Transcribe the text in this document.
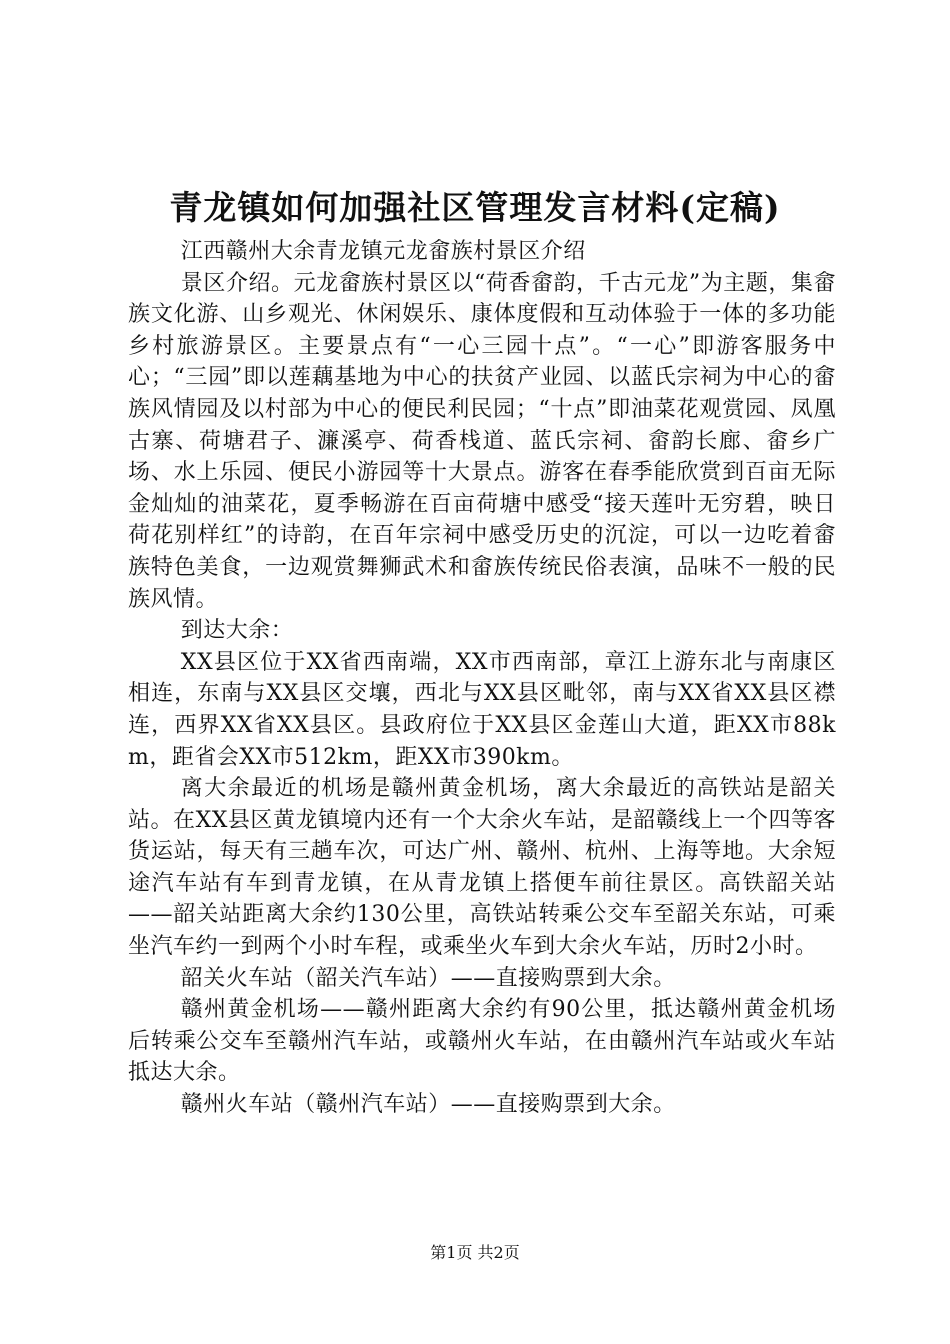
青龙镇如何加强社区管理发言材料(定稿)

江西赣州大余青龙镇元龙畲族村景区介绍

景区介绍。元龙畲族村景区以“荷香畲韵，千古元龙”为主题，集畲族文化游、山乡观光、休闲娱乐、康体度假和互动体验于一体的多功能乡村旅游景区。主要景点有“一心三园十点”。“一心”即游客服务中心；“三园”即以莲藕基地为中心的扶贫产业园、以蓝氏宗祠为中心的畲族风情园及以村部为中心的便民利民园；“十点”即油菜花观赏园、凤凰古寨、荷塘君子、濂溪亭、荷香栈道、蓝氏宗祠、畲韵长廊、畲乡广场、水上乐园、便民小游园等十大景点。游客在春季能欣赏到百亩无际金灿灿的油菜花，夏季畅游在百亩荷塘中感受“接天莲叶无穷碧，映日荷花别样红”的诗韵，在百年宗祠中感受历史的沉淀，可以一边吃着畲族特色美食，一边观赏舞狮武术和畲族传统民俗表演，品味不一般的民族风情。

到达大余：

XX县区位于XX省西南端，XX市西南部，章江上游东北与南康区相连，东南与XX县区交壤，西北与XX县区毗邻，南与XX省XX县区襟连，西界XX省XX县区。县政府位于XX县区金莲山大道，距XX市88km，距省会XX市512km，距XX市390km。

离大余最近的机场是赣州黄金机场，离大余最近的高铁站是韶关站。在XX县区黄龙镇境内还有一个大余火车站，是韶赣线上一个四等客货运站，每天有三趟车次，可达广州、赣州、杭州、上海等地。大余短途汽车站有车到青龙镇，在从青龙镇上搭便车前往景区。高铁韶关站——韶关站距离大余约130公里，高铁站转乘公交车至韶关东站，可乘坐汽车约一到两个小时车程，或乘坐火车到大余火车站，历时2小时。

韶关火车站（韶关汽车站）——直接购票到大余。

赣州黄金机场——赣州距离大余约有90公里，抵达赣州黄金机场后转乘公交车至赣州汽车站，或赣州火车站，在由赣州汽车站或火车站抵达大余。

赣州火车站（赣州汽车站）——直接购票到大余。

第1页 共2页
